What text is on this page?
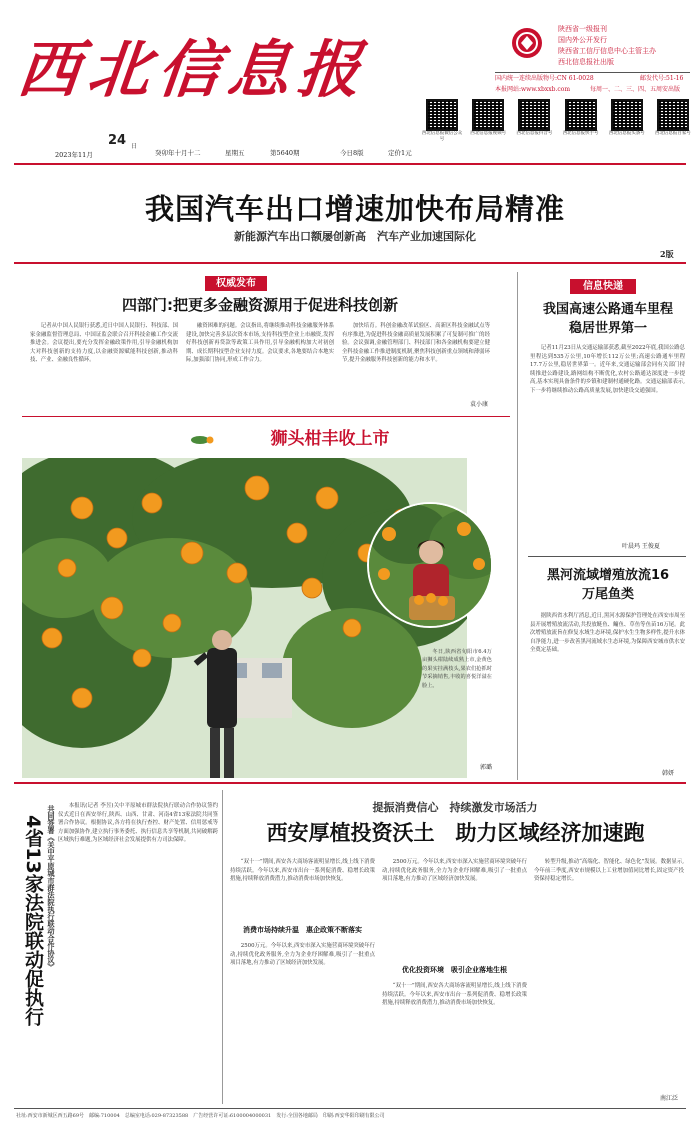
西北信息报
陕西省一级报刊
国内外公开发行
陕西省工信厅信息中心主管主办
西北信息报社出版
国内统一连续出版物号:CN 61-0028	邮发代号:51-16
本报网站:www.xbxxb.com	每周一、二、三、四、五周安出版
西北信息报微信公众号
西北信息报视频号	西北信息报抖音号	西北信息报快手号	西北信息报头条号	西北信息报百家号
24 日
2023年11月	癸卯年十月十二	星期五	第5640期	今日8版	定价1元
我国汽车出口增速加快布局精准
新能源汽车出口额屡创新高　汽车产业加速国际化
2版
权威发布
四部门:把更多金融资源用于促进科技创新

记者从中国人民银行获悉,近日中国人民银行、科技部、国家金融监督管理总局、中国证监会联合召开科技金融工作交流推进会。会议提出,要充分发挥金融政策作用,引导金融机构加大对科技创新的支持力度,以金融资源赋能科技创新,推动科技、产业、金融良性循环。

融资困难的问题。会议指出,将继续推动科技金融服务体系建设,加快完善多层次资本市场,支持科技型企业上市融资,发挥好科技创新再贷款等政策工具作用,引导金融机构加大对初创期、成长期科技型企业支持力度。会议要求,各地要结合本地实际,加强部门协同,形成工作合力。

加快培育。科创金融改革试验区、高新区科技金融试点等有序推进,为促进科技金融高质量发展积累了可复制可推广的经验。会议强调,金融管理部门、科技部门和各金融机构要建立健全科技金融工作推进制度机制,聚焦科技创新重点领域和薄弱环节,提升金融服务科技创新的能力和水平。

袁小康
信息快递
我国高速公路通车里程稳居世界第一

记者11月23日从交通运输部获悉,截至2022年底,我国公路总里程达到535万公里,10年增长112万公里;高速公路通车里程17.7万公里,稳居世界第一。近年来,交通运输部会同有关部门持续推进公路建设,路网结构不断优化,农村公路通达深度进一步提高,基本实现具备条件的乡镇和建制村通硬化路。交通运输部表示,下一步将继续推动公路高质量发展,加快建设交通强国。

叶晨玛 王俊夏
黑河流域增殖放流16万尾鱼类

据陕西省水利厅消息,近日,黑河水源保护管理处在西安市周至县开展增殖放流活动,共投放鲢鱼、鳙鱼、草鱼等鱼苗16万尾。此次增殖放流旨在修复水域生态环境,保护水生生物多样性,提升水体自净能力,进一步改善黑河流域水生态环境,为保障西安城市供水安全奠定基础。

韩妍
狮头柑丰收上市

冬日,陕西省旬阳市6.4万亩狮头柑陆续成熟上市,金黄色的果实挂满枝头,果农们抢抓时节采摘销售,丰收的喜悦洋溢在脸上。

郭璐
4省13家法院联动促执行 共同签署《关中平原城市群法院执行联动合作协议》	本报讯(记者 李昱)关中平原城市群法院执行联动合作协议签约仪式近日在西安举行,陕西、山西、甘肃、河南4省13家法院共同签署合作协议。根据协议,各方将在执行查控、财产处置、信用惩戒等方面加强协作,建立执行事务委托、执行信息共享等机制,共同破解跨区域执行难题,为区域经济社会发展提供有力司法保障。

提振消费信心　持续激发市场活力
西安厚植投资沃土　助力区域经济加速跑

“双十一”期间,西安各大商场客流明显增长,线上线下消费持续活跃。今年以来,西安市出台一系列促消费、稳增长政策措施,持续释放消费潜力,推动消费市场加快恢复。

消费市场持续升温　惠企政策不断落实

2500万元。今年以来,西安市深入实施营商环境突破年行动,持续优化政务服务,全力为企业纾困解难,吸引了一批重点项目落地,有力推动了区域经济加快发展。

2500万元。今年以来,西安市深入实施营商环境突破年行动,持续优化政务服务,全力为企业纾困解难,吸引了一批重点项目落地,有力推动了区域经济加快发展。

优化投资环境　吸引企业落地生根

“双十一”期间,西安各大商场客流明显增长,线上线下消费持续活跃。今年以来,西安市出台一系列促消费、稳增长政策措施,持续释放消费潜力,推动消费市场加快恢复。

转型升级,推动“高端化、智能化、绿色化”发展。数据显示,今年前三季度,西安市规模以上工业增加值同比增长,固定资产投资保持稳定增长。

南江泛
社址:西安市新城区西五路69号　邮编:710004　总编室电话:029-87323588　广告经营许可证:6100004000031　发行:全国各地邮局　印刷:西安华阳印刷有限公司
